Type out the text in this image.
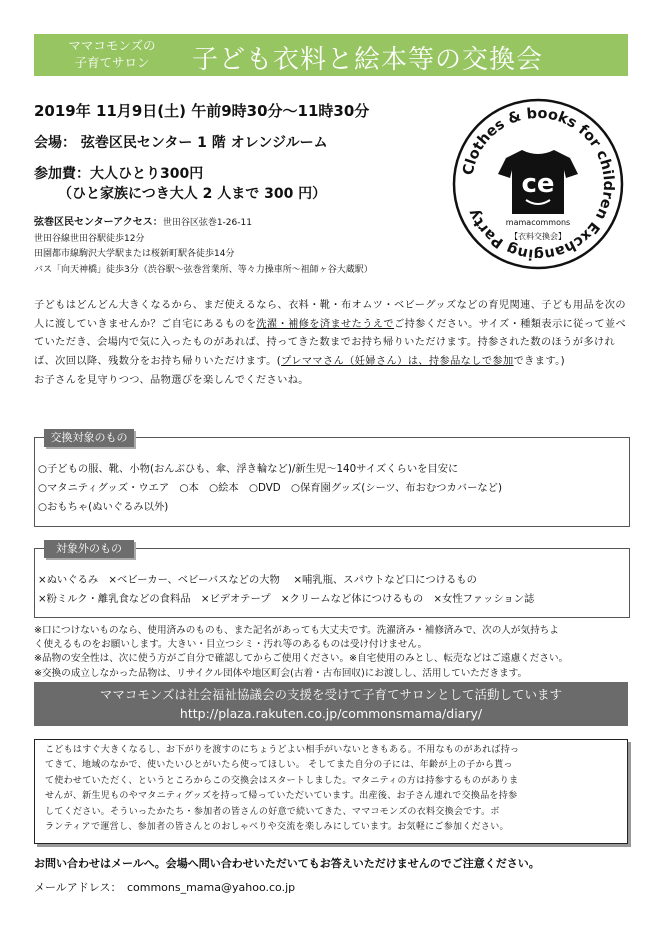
ママコモンズの
子育てサロン	子ども衣料と絵本等の交換会
2019年 11月9日(土) 午前9時30分～11時30分
会場： 弦巻区民センター 1 階 オレンジルーム
参加費：大人ひとり300円
（ひと家族につき大人 2 人まで 300 円）
弦巻区民センターアクセス：世田谷区弦巻1-26-11
世田谷線世田谷駅徒歩12分
田園都市線駒沢大学駅または桜新町駅各徒歩14分
バス「向天神橋」徒歩3分（渋谷駅～弦巻営業所、等々力操車所～祖師ヶ谷大蔵駅）
Clothes & books for children Exchanging Party
ce
mamacommons
【衣料交換会】
子どもはどんどん大きくなるから、まだ使えるなら、衣料・靴・布オムツ・ベビーグッズなどの育児関連、子ども用品を次の人に渡していきませんか？ご自宅にあるものを洗濯・補修を済ませたうえでご持参ください。サイズ・種類表示に従って並べていただき、会場内で気に入ったものがあれば、持ってきた数までお持ち帰りいただけます。持参された数のほうが多ければ、次回以降、残数分をお持ち帰りいただけます。(プレママさん（妊婦さん）は、持参品なしで参加できます。)
お子さんを見守りつつ、品物選びを楽しんでくださいね。
交換対象のもの
○子どもの服、靴、小物(おんぶひも、傘、浮き輪など)/新生児～140サイズくらいを目安に
○マタニティグッズ・ウエア　○本　○絵本　○DVD　○保育園グッズ(シーツ、布おむつカバーなど)
○おもちゃ(ぬいぐるみ以外)
対象外のもの
×ぬいぐるみ　×ベビーカー、ベビーバスなどの大物　 ×哺乳瓶、スパウトなど口につけるもの
×粉ミルク・離乳食などの食料品　×ビデオテープ　×クリームなど体につけるもの　×女性ファッション誌
※口につけないものなら、使用済みのものも、また記名があっても大丈夫です。洗濯済み・補修済みで、次の人が気持ちよ
く使えるものをお願いします。大きい・目立つシミ・汚れ等のあるものは受け付けません。
※品物の安全性は、次に使う方がご自分で確認してからご使用ください。※自宅使用のみとし、転売などはご遠慮ください。
※交換の成立しなかった品物は、リサイクル団体や地区町会(古着・古布回収)にお渡しし、活用していただきます。
ママコモンズは社会福祉協議会の支援を受けて子育てサロンとして活動しています
http://plaza.rakuten.co.jp/commonsmama/diary/
こどもはすぐ大きくなるし、お下がりを渡すのにちょうどよい相手がいないときもある。不用なものがあれば持っ
てきて、地域のなかで、使いたいひとがいたら使ってほしい。 そしてまた自分の子には、年齢が上の子から貰っ
て使わせていただく、というところからこの交換会はスタートしました。マタニティの方は持参するものがありま
せんが、新生児ものやマタニティグッズを持って帰っていただいています。出産後、お子さん連れで交換品を持参
してください。そういったかたち・参加者の皆さんの好意で続いてきた、ママコモンズの衣料交換会です。ボ
ランティアで運営し、参加者の皆さんとのおしゃべりや交流を楽しみにしています。お気軽にご参加ください。
お問い合わせはメールへ。会場へ問い合わせいただいてもお答えいただけませんのでご注意ください。
メールアドレス：　commons_mama@yahoo.co.jp
